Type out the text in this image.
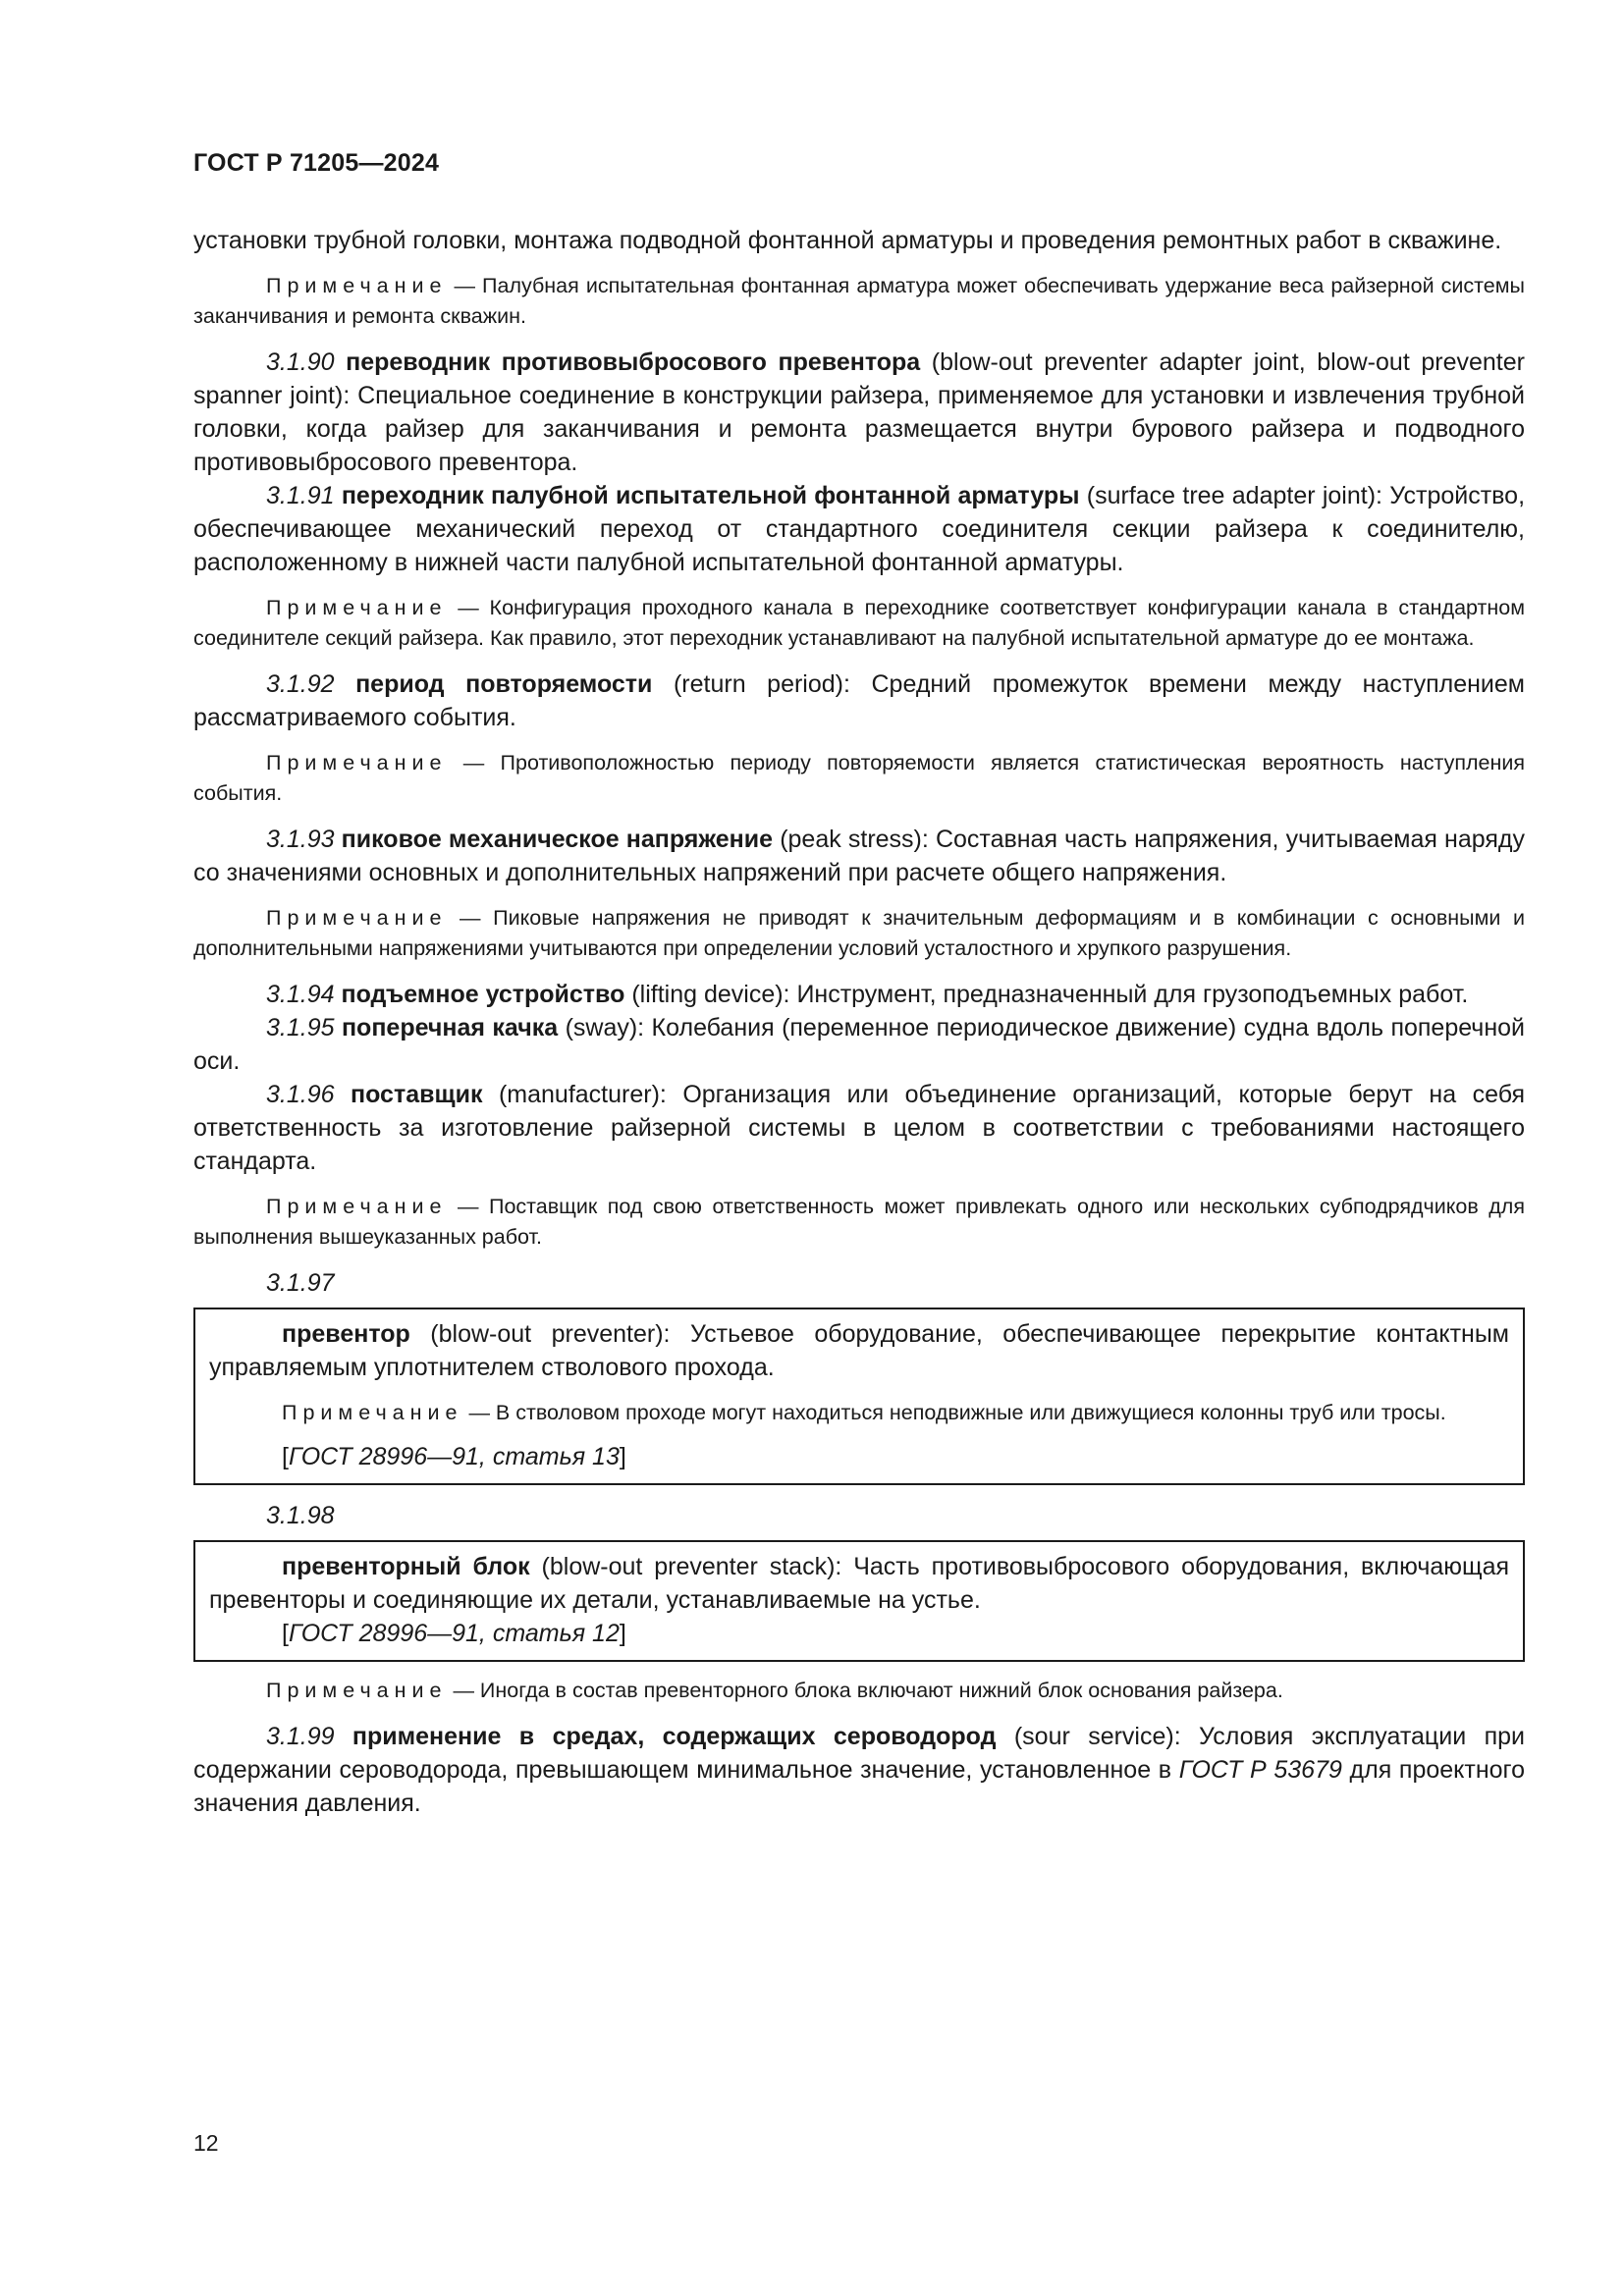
ГОСТ Р 71205—2024

установки трубной головки, монтажа подводной фонтанной арматуры и проведения ремонтных работ в скважине.

Примечание — Палубная испытательная фонтанная арматура может обеспечивать удержание веса райзерной системы заканчивания и ремонта скважин.

3.1.90 переводник противовыбросового превентора (blow-out preventer adapter joint, blow-out preventer spanner joint): Специальное соединение в конструкции райзера, применяемое для установки и извлечения трубной головки, когда райзер для заканчивания и ремонта размещается внутри бурового райзера и подводного противовыбросового превентора.

3.1.91 переходник палубной испытательной фонтанной арматуры (surface tree adapter joint): Устройство, обеспечивающее механический переход от стандартного соединителя секции райзера к соединителю, расположенному в нижней части палубной испытательной фонтанной арматуры.

Примечание — Конфигурация проходного канала в переходнике соответствует конфигурации канала в стандартном соединителе секций райзера. Как правило, этот переходник устанавливают на палубной испытательной арматуре до ее монтажа.

3.1.92 период повторяемости (return period): Средний промежуток времени между наступлением рассматриваемого события.

Примечание — Противоположностью периоду повторяемости является статистическая вероятность наступления события.

3.1.93 пиковое механическое напряжение (peak stress): Составная часть напряжения, учитываемая наряду со значениями основных и дополнительных напряжений при расчете общего напряжения.

Примечание — Пиковые напряжения не приводят к значительным деформациям и в комбинации с основными и дополнительными напряжениями учитываются при определении условий усталостного и хрупкого разрушения.

3.1.94 подъемное устройство (lifting device): Инструмент, предназначенный для грузоподъемных работ.

3.1.95 поперечная качка (sway): Колебания (переменное периодическое движение) судна вдоль поперечной оси.

3.1.96 поставщик (manufacturer): Организация или объединение организаций, которые берут на себя ответственность за изготовление райзерной системы в целом в соответствии с требованиями настоящего стандарта.

Примечание — Поставщик под свою ответственность может привлекать одного или нескольких субподрядчиков для выполнения вышеуказанных работ.

3.1.97

превентор (blow-out preventer): Устьевое оборудование, обеспечивающее перекрытие контактным управляемым уплотнителем стволового прохода.

Примечание — В стволовом проходе могут находиться неподвижные или движущиеся колонны труб или тросы.

[ГОСТ 28996—91, статья 13]

3.1.98

превенторный блок (blow-out preventer stack): Часть противовыбросового оборудования, включающая превенторы и соединяющие их детали, устанавливаемые на устье.

[ГОСТ 28996—91, статья 12]

Примечание — Иногда в состав превенторного блока включают нижний блок основания райзера.

3.1.99 применение в средах, содержащих сероводород (sour service): Условия эксплуатации при содержании сероводорода, превышающем минимальное значение, установленное в ГОСТ Р 53679 для проектного значения давления.

12
